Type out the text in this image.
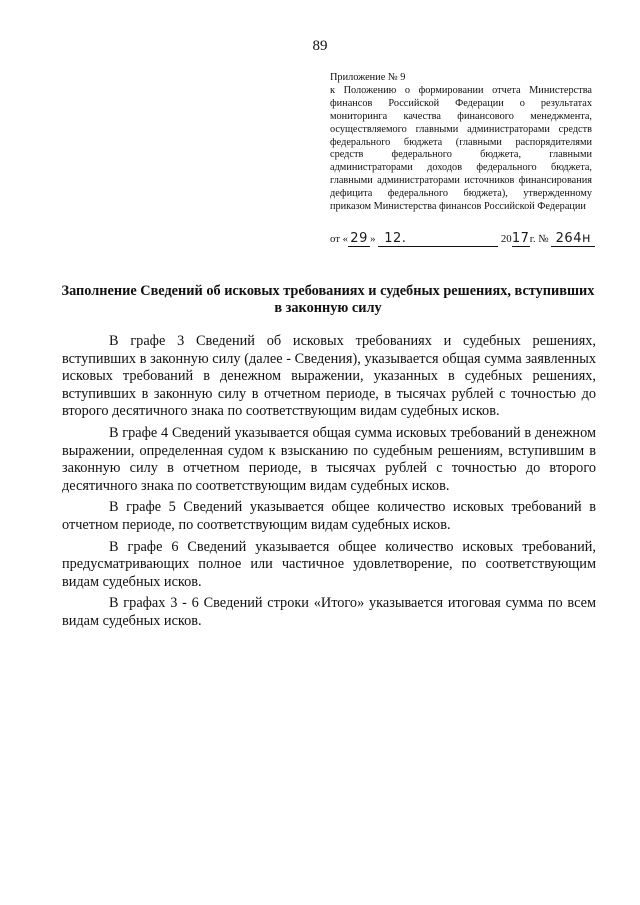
89
Приложение № 9
к Положению о формировании отчета Министерства финансов Российской Федерации о результатах мониторинга качества финансового менеджмента, осуществляемого главными администраторами средств федерального бюджета (главными распорядителями средств федерального бюджета, главными администраторами доходов федерального бюджета, главными администраторами источников финансирования дефицита федерального бюджета), утвержденному приказом Министерства финансов Российской Федерации
от « 29 » 12.	2017г. № 264н
Заполнение Сведений об исковых требованиях и судебных решениях, вступивших в законную силу

В графе 3 Сведений об исковых требованиях и судебных решениях, вступивших в законную силу (далее - Сведения), указывается общая сумма заявленных исковых требований в денежном выражении, указанных в судебных решениях, вступивших в законную силу в отчетном периоде, в тысячах рублей с точностью до второго десятичного знака по соответствующим видам судебных исков.

В графе 4 Сведений указывается общая сумма исковых требований в денежном выражении, определенная судом к взысканию по судебным решениям, вступившим в законную силу в отчетном периоде, в тысячах рублей с точностью до второго десятичного знака по соответствующим видам судебных исков.

В графе 5 Сведений указывается общее количество исковых требований в отчетном периоде, по соответствующим видам судебных исков.

В графе 6 Сведений указывается общее количество исковых требований, предусматривающих полное или частичное удовлетворение, по соответствующим видам судебных исков.

В графах 3 - 6 Сведений строки «Итого» указывается итоговая сумма по всем видам судебных исков.
